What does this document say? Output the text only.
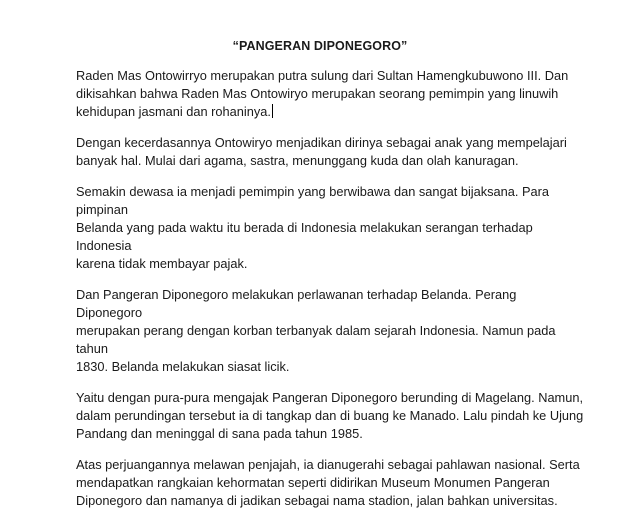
“PANGERAN DIPONEGORO”

Raden Mas Ontowirryo merupakan putra sulung dari Sultan Hamengkubuwono III. Dan
dikisahkan bahwa Raden Mas Ontowiryo merupakan seorang pemimpin yang linuwih
kehidupan jasmani dan rohaninya.

Dengan kecerdasannya Ontowiryo menjadikan dirinya sebagai anak yang mempelajari
banyak hal. Mulai dari agama, sastra, menunggang kuda dan olah kanuragan.

Semakin dewasa ia menjadi pemimpin yang berwibawa dan sangat bijaksana. Para pimpinan
Belanda yang pada waktu itu berada di Indonesia melakukan serangan terhadap Indonesia
karena tidak membayar pajak.

Dan Pangeran Diponegoro melakukan perlawanan terhadap Belanda. Perang Diponegoro
merupakan perang dengan korban terbanyak dalam sejarah Indonesia. Namun pada tahun
1830. Belanda melakukan siasat licik.

Yaitu dengan pura-pura mengajak Pangeran Diponegoro berunding di Magelang. Namun,
dalam perundingan tersebut ia di tangkap dan di buang ke Manado. Lalu pindah ke Ujung
Pandang dan meninggal di sana pada tahun 1985.

Atas perjuangannya melawan penjajah, ia dianugerahi sebagai pahlawan nasional. Serta
mendapatkan rangkaian kehormatan seperti didirikan Museum Monumen Pangeran
Diponegoro dan namanya di jadikan sebagai nama stadion, jalan bahkan universitas.
